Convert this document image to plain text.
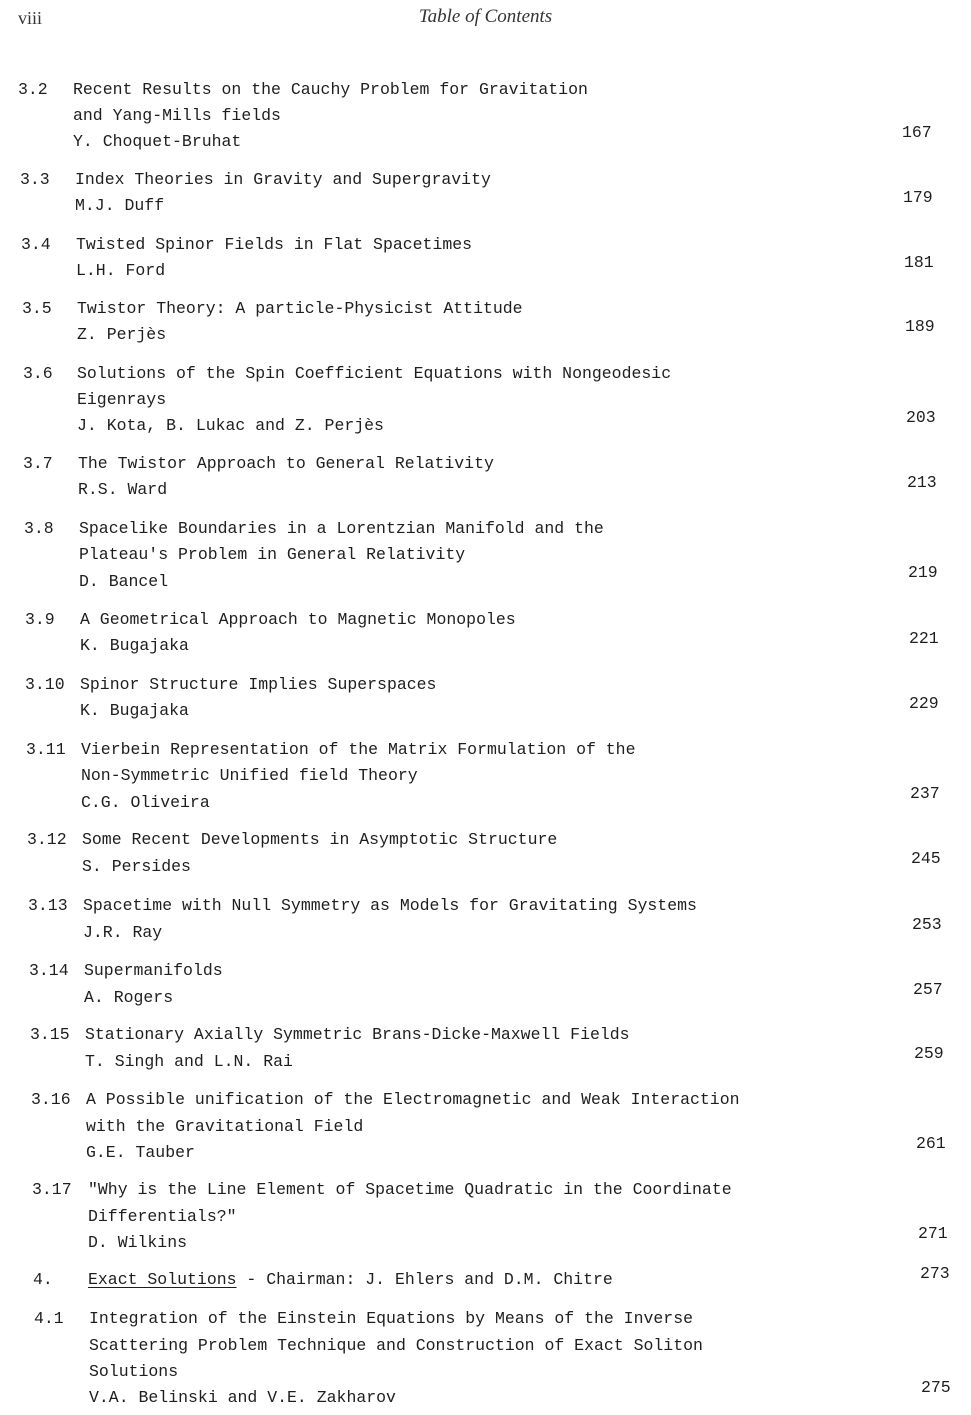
viii	Table of Contents
3.2 Recent Results on the Cauchy Problem for Gravitation
and Yang-Mills fields
Y. Choquet-Bruhat	167
3.3 Index Theories in Gravity and Supergravity
M.J. Duff	179
3.4 Twisted Spinor Fields in Flat Spacetimes
L.H. Ford	181
3.5 Twistor Theory: A particle-Physicist Attitude
Z. Perjès	189
3.6 Solutions of the Spin Coefficient Equations with Nongeodesic
Eigenrays
J. Kota, B. Lukac and Z. Perjès	203
3.7 The Twistor Approach to General Relativity
R.S. Ward	213
3.8 Spacelike Boundaries in a Lorentzian Manifold and the
Plateau's Problem in General Relativity
D. Bancel	219
3.9 A Geometrical Approach to Magnetic Monopoles
K. Bugajaka	221
3.10 Spinor Structure Implies Superspaces
K. Bugajaka	229
3.11 Vierbein Representation of the Matrix Formulation of the
Non-Symmetric Unified field Theory
C.G. Oliveira	237
3.12 Some Recent Developments in Asymptotic Structure
S. Persides	245
3.13 Spacetime with Null Symmetry as Models for Gravitating Systems
J.R. Ray	253
3.14 Supermanifolds
A. Rogers	257
3.15 Stationary Axially Symmetric Brans-Dicke-Maxwell Fields
T. Singh and L.N. Rai	259
3.16 A Possible unification of the Electromagnetic and Weak Interaction
with the Gravitational Field
G.E. Tauber	261
3.17 "Why is the Line Element of Spacetime Quadratic in the Coordinate
Differentials?"
D. Wilkins	271
4. Exact Solutions - Chairman: J. Ehlers and D.M. Chitre	273
4.1 Integration of the Einstein Equations by Means of the Inverse
Scattering Problem Technique and Construction of Exact Soliton
Solutions
V.A. Belinski and V.E. Zakharov
275
